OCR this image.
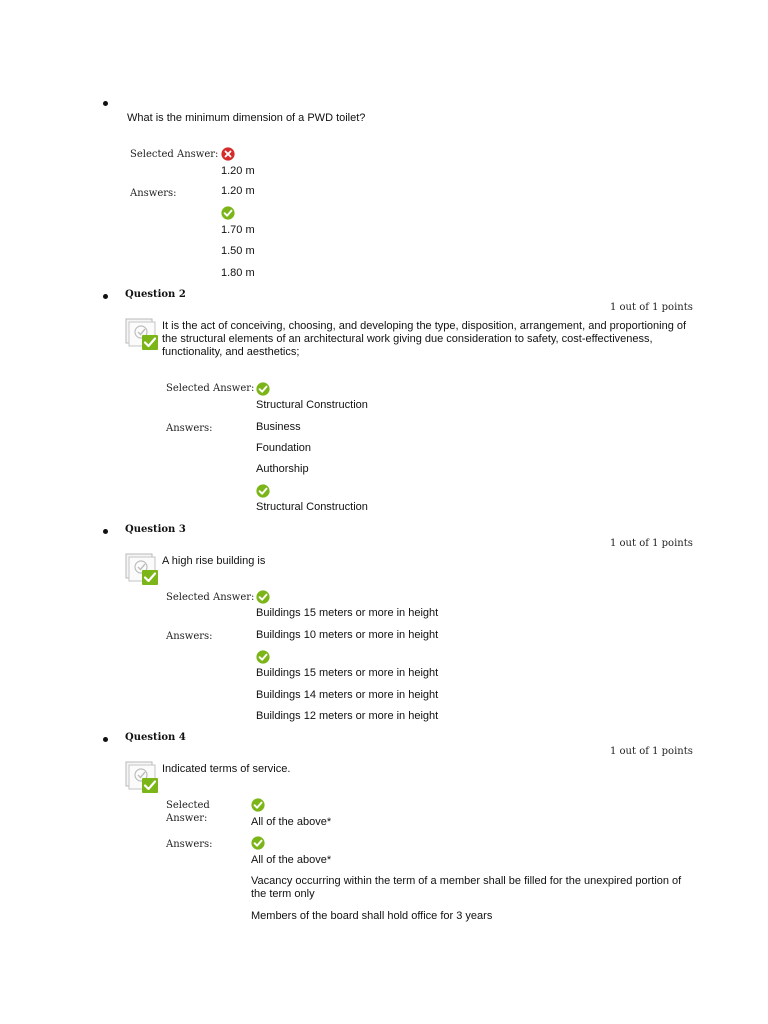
What is the minimum dimension of a PWD toilet?
Selected Answer:
1.20 m
Answers:	1.20 m
1.70 m
1.50 m
1.80 m
Question 2
1 out of 1 points
It is the act of conceiving, choosing, and developing the type, disposition, arrangement, and proportioning of
the structural elements of an architectural work giving due consideration to safety, cost-effectiveness,
functionality, and aesthetics;
Selected Answer:
Structural Construction
Answers:	Business
Foundation
Authorship
Structural Construction
Question 3
1 out of 1 points
A high rise building is
Selected Answer:
Buildings 15 meters or more in height
Answers:	Buildings 10 meters or more in height
Buildings 15 meters or more in height
Buildings 14 meters or more in height
Buildings 12 meters or more in height
Question 4
1 out of 1 points
Indicated terms of service.
Selected
Answer:	All of the above*
Answers:
All of the above*
Vacancy occurring within the term of a member shall be filled for the unexpired portion of
the term only
Members of the board shall hold office for 3 years
